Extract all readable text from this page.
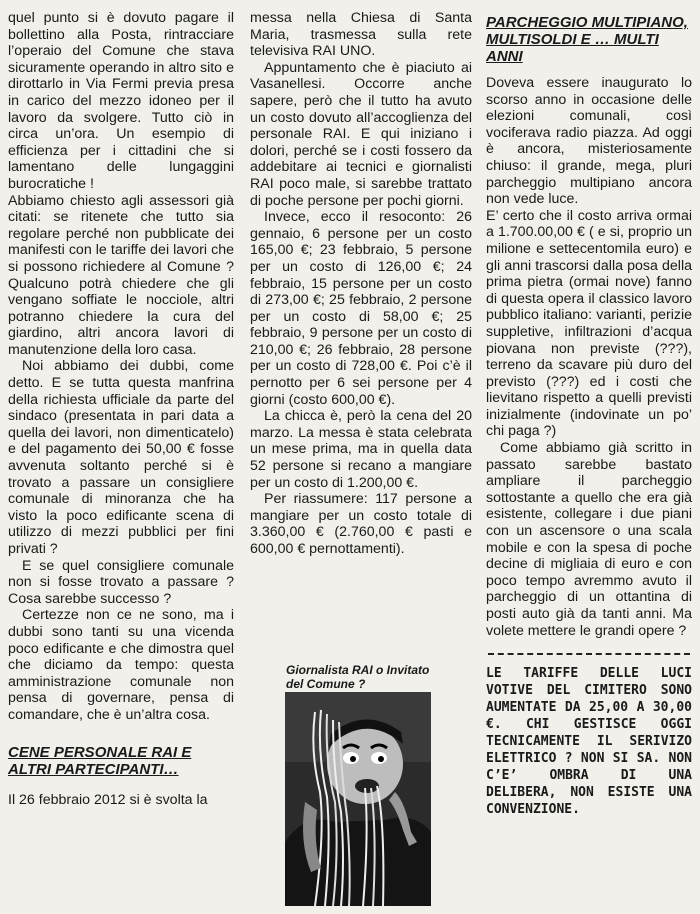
quel punto si è dovuto pagare il bollettino alla Posta, rintracciare l’operaio del Comune che stava sicuramente operando in altro sito e dirottarlo in Via Fermi previa presa in carico del mezzo idoneo per il lavoro da svolgere. Tutto ciò in circa un’ora. Un esempio di efficienza per i cittadini che si lamentano delle lungaggini burocratiche !

Abbiamo chiesto agli assessori già citati: se ritenete che tutto sia regolare perché non pubblicate dei manifesti con le tariffe dei lavori che si possono richiedere al Comune ? Qualcuno potrà chiedere che gli vengano soffiate le nocciole, altri potranno chiedere la cura del giardino, altri ancora lavori di manutenzione della loro casa.

Noi abbiamo dei dubbi, come detto. E se tutta questa manfrina della richiesta ufficiale da parte del sindaco (presentata in pari data a quella dei lavori, non dimenticatelo) e del pagamento dei 50,00 € fosse avvenuta soltanto perché si è trovato a passare un consigliere comunale di minoranza che ha visto la poco edificante scena di utilizzo di mezzi pubblici per fini privati ?

E se quel consigliere comunale non si fosse trovato a passare ? Cosa sarebbe successo ?

Certezze non ce ne sono, ma i dubbi sono tanti su una vicenda poco edificante e che dimostra quel che diciamo da tempo: questa amministrazione comunale non pensa di governare, pensa di comandare, che è un’altra cosa.

CENE PERSONALE RAI E ALTRI PARTECIPANTI…

Il 26 febbraio 2012 si è svolta la

messa nella Chiesa di Santa Maria, trasmessa sulla rete televisiva RAI UNO.

Appuntamento che è piaciuto ai Vasanellesi. Occorre anche sapere, però che il tutto ha avuto un costo dovuto all’accoglienza del personale RAI. E qui iniziano i dolori, perché se i costi fossero da addebitare ai tecnici e giornalisti RAI poco male, si sarebbe trattato di poche persone per pochi giorni.

Invece, ecco il resoconto: 26 gennaio, 6 persone per un costo 165,00 €; 23 febbraio, 5 persone per un costo di 126,00 €; 24 febbraio, 15 persone per un costo di 273,00 €; 25 febbraio, 2 persone per un costo di 58,00 €; 25 febbraio, 9 persone per un costo di 210,00 €; 26 febbraio, 28 persone per un costo di 728,00 €. Poi c’è il pernotto per 6 sei persone per 4 giorni (costo 600,00 €).

La chicca è, però la cena del 20 marzo. La messa è stata celebrata un mese prima, ma in quella data 52 persone si recano a mangiare per un costo di 1.200,00 €.

Per riassumere: 117 persone a mangiare per un costo totale di 3.360,00 € (2.760,00 € pasti e 600,00 € pernottamenti).

Giornalista RAI o Invitato del Comune ?
PARCHEGGIO MULTIPIANO, MULTISOLDI E … MULTI ANNI

Doveva essere inaugurato lo scorso anno in occasione delle elezioni comunali, così vociferava radio piazza. Ad oggi è ancora, misteriosamente chiuso: il grande, mega, pluri parcheggio multipiano ancora non vede luce.

E’ certo che il costo arriva ormai a 1.700.00,00 € ( e si, proprio un milione e settecentomila euro) e gli anni trascorsi dalla posa della prima pietra (ormai nove) fanno di questa opera il classico lavoro pubblico italiano: varianti, perizie suppletive, infiltrazioni d’acqua piovana non previste (???), terreno da scavare più duro del previsto (???) ed i costi che lievitano rispetto a quelli previsti inizialmente (indovinate un po’ chi paga ?)

Come abbiamo già scritto in passato sarebbe bastato ampliare il parcheggio sottostante a quello che era già esistente, collegare i due piani con un ascensore o una scala mobile e con la spesa di poche decine di migliaia di euro e con poco tempo avremmo avuto il parcheggio di un ottantina di posti auto già da tanti anni. Ma volete mettere le grandi opere ?

LE TARIFFE DELLE LUCI VOTIVE DEL CIMITERO SONO AUMENTATE DA 25,00 A 30,00 €. CHI GESTISCE OGGI TECNICAMENTE IL SERIVIZO ELETTRICO ? NON SI SA. NON C’E’ OMBRA DI UNA DELIBERA, NON ESISTE UNA CONVENZIONE.
